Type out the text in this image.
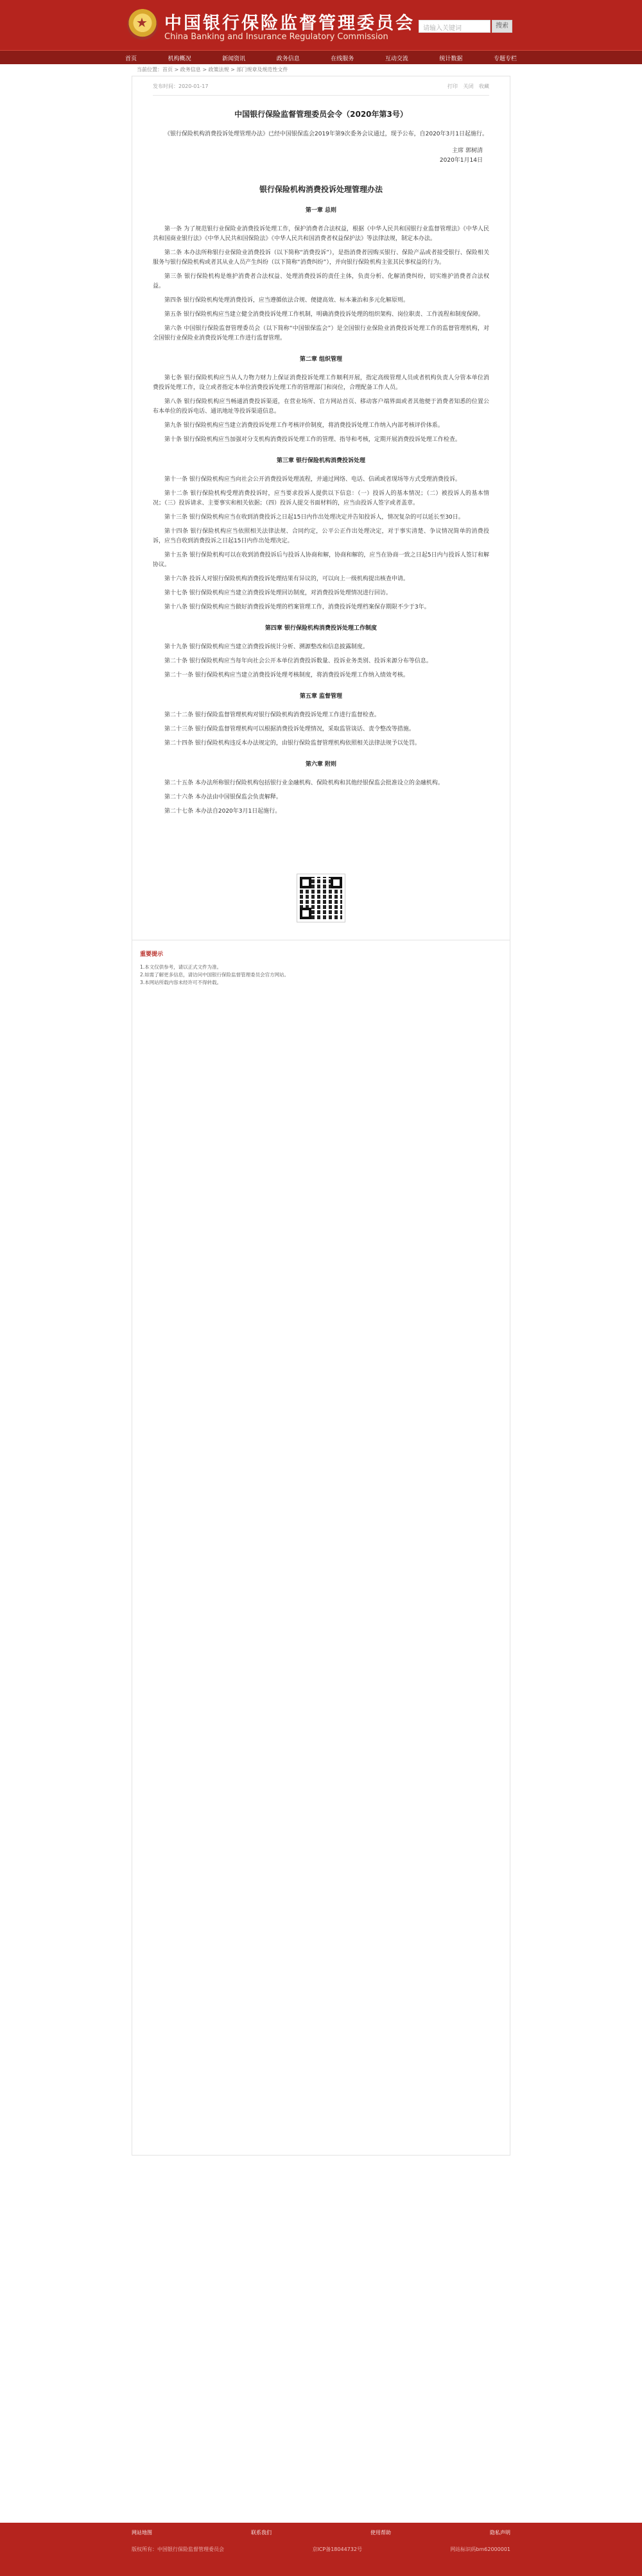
★
中国银行保险监督管理委员会
China Banking and Insurance Regulatory Commission
请输入关键词	搜索
首页	机构概况	新闻资讯	政务信息	在线服务	互动交流	统计数据	专题专栏
当前位置：首页 > 政务信息 > 政策法规 > 部门规章及规范性文件
发布时间：2020-01-17	打印 关闭 收藏
中国银行保险监督管理委员会令（2020年第3号）

《银行保险机构消费投诉处理管理办法》已经中国银保监会2019年第9次委务会议通过，现予公布，自2020年3月1日起施行。

主席 郭树清

2020年1月14日

银行保险机构消费投诉处理管理办法
第一章 总则

第一条 为了规范银行业保险业消费投诉处理工作，保护消费者合法权益，根据《中华人民共和国银行业监督管理法》《中华人民共和国商业银行法》《中华人民共和国保险法》《中华人民共和国消费者权益保护法》等法律法规，制定本办法。

第二条 本办法所称银行业保险业消费投诉（以下简称“消费投诉”），是指消费者因购买银行、保险产品或者接受银行、保险相关服务与银行保险机构或者其从业人员产生纠纷（以下简称“消费纠纷”），并向银行保险机构主张其民事权益的行为。

第三条 银行保险机构是维护消费者合法权益、处理消费投诉的责任主体，负责分析、化解消费纠纷，切实维护消费者合法权益。

第四条 银行保险机构处理消费投诉，应当遵循依法合规、便捷高效、标本兼治和多元化解原则。

第五条 银行保险机构应当建立健全消费投诉处理工作机制，明确消费投诉处理的组织架构、岗位职责、工作流程和制度保障。

第六条 中国银行保险监督管理委员会（以下简称“中国银保监会”）是全国银行业保险业消费投诉处理工作的监督管理机构，对全国银行业保险业消费投诉处理工作进行监督管理。

第二章 组织管理

第七条 银行保险机构应当从人力物力财力上保证消费投诉处理工作顺利开展，指定高级管理人员或者机构负责人分管本单位消费投诉处理工作，设立或者指定本单位消费投诉处理工作的管理部门和岗位，合理配备工作人员。

第八条 银行保险机构应当畅通消费投诉渠道，在营业场所、官方网站首页、移动客户端界面或者其他便于消费者知悉的位置公布本单位的投诉电话、通讯地址等投诉渠道信息。

第九条 银行保险机构应当建立消费投诉处理工作考核评价制度，将消费投诉处理工作纳入内部考核评价体系。

第十条 银行保险机构应当加强对分支机构消费投诉处理工作的管理、指导和考核，定期开展消费投诉处理工作检查。

第三章 银行保险机构消费投诉处理

第十一条 银行保险机构应当向社会公开消费投诉处理流程，并通过网络、电话、信函或者现场等方式受理消费投诉。

第十二条 银行保险机构受理消费投诉时，应当要求投诉人提供以下信息：（一）投诉人的基本情况；（二）被投诉人的基本情况；（三）投诉请求、主要事实和相关依据；（四）投诉人提交书面材料的，应当由投诉人签字或者盖章。

第十三条 银行保险机构应当在收到消费投诉之日起15日内作出处理决定并告知投诉人，情况复杂的可以延长至30日。

第十四条 银行保险机构应当依照相关法律法规、合同约定，公平公正作出处理决定，对于事实清楚、争议情况简单的消费投诉，应当自收到消费投诉之日起15日内作出处理决定。

第十五条 银行保险机构可以在收到消费投诉后与投诉人协商和解，协商和解的，应当在协商一致之日起5日内与投诉人签订和解协议。

第十六条 投诉人对银行保险机构消费投诉处理结果有异议的，可以向上一级机构提出核查申请。

第十七条 银行保险机构应当建立消费投诉处理回访制度，对消费投诉处理情况进行回访。

第十八条 银行保险机构应当做好消费投诉处理的档案管理工作，消费投诉处理档案保存期限不少于3年。

第四章 银行保险机构消费投诉处理工作制度

第十九条 银行保险机构应当建立消费投诉统计分析、溯源整改和信息披露制度。

第二十条 银行保险机构应当每年向社会公开本单位消费投诉数量、投诉业务类别、投诉来源分布等信息。

第二十一条 银行保险机构应当建立消费投诉处理考核制度，将消费投诉处理工作纳入绩效考核。

第五章 监督管理

第二十二条 银行保险监督管理机构对银行保险机构消费投诉处理工作进行监督检查。

第二十三条 银行保险监督管理机构可以根据消费投诉处理情况，采取监管谈话、责令整改等措施。

第二十四条 银行保险机构违反本办法规定的，由银行保险监督管理机构依照相关法律法规予以处罚。

第六章 附则

第二十五条 本办法所称银行保险机构包括银行业金融机构、保险机构和其他经银保监会批准设立的金融机构。

第二十六条 本办法由中国银保监会负责解释。

第二十七条 本办法自2020年3月1日起施行。

重要提示

1.本文仅供参考，请以正式文件为准。

2.如需了解更多信息，请访问中国银行保险监督管理委员会官方网站。

3.本网站所载内容未经许可不得转载。

网站地图	联系我们	使用帮助	隐私声明
版权所有：中国银行保险监督管理委员会	京ICP备18044732号	网站标识码bm62000001
